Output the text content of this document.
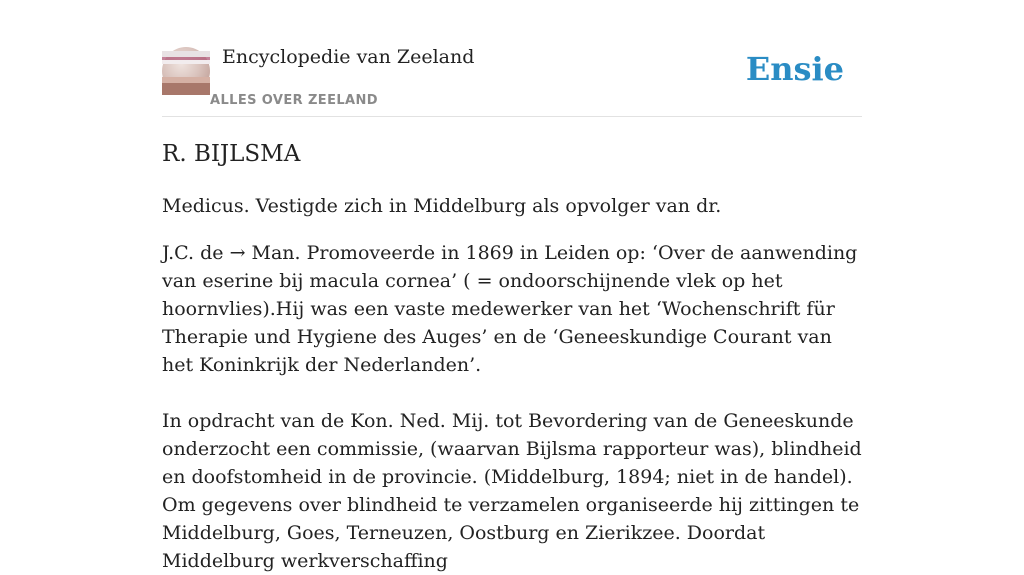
Encyclopedie van Zeeland
ALLES OVER ZEELAND
Ensie
R. BIJLSMA

Medicus. Vestigde zich in Middelburg als opvolger van dr.

J.C. de → Man. Promoveerde in 1869 in Leiden op: ‘Over de aanwending van eserine bij macula cornea’ ( = ondoorschijnende vlek op het hoornvlies).Hij was een vaste medewerker van het ‘Wochenschrift für Therapie und Hygiene des Auges’ en de ‘Geneeskundige Courant van het Koninkrijk der Nederlanden’.

In opdracht van de Kon. Ned. Mij. tot Bevordering van de Geneeskunde onderzocht een commissie, (waarvan Bijlsma rapporteur was), blindheid en doofstomheid in de provincie. (Middelburg, 1894; niet in de handel). Om gegevens over blindheid te verzamelen organiseerde hij zittingen te Middelburg, Goes, Terneuzen, Oostburg en Zierikzee. Doordat Middelburg werkverschaffing
